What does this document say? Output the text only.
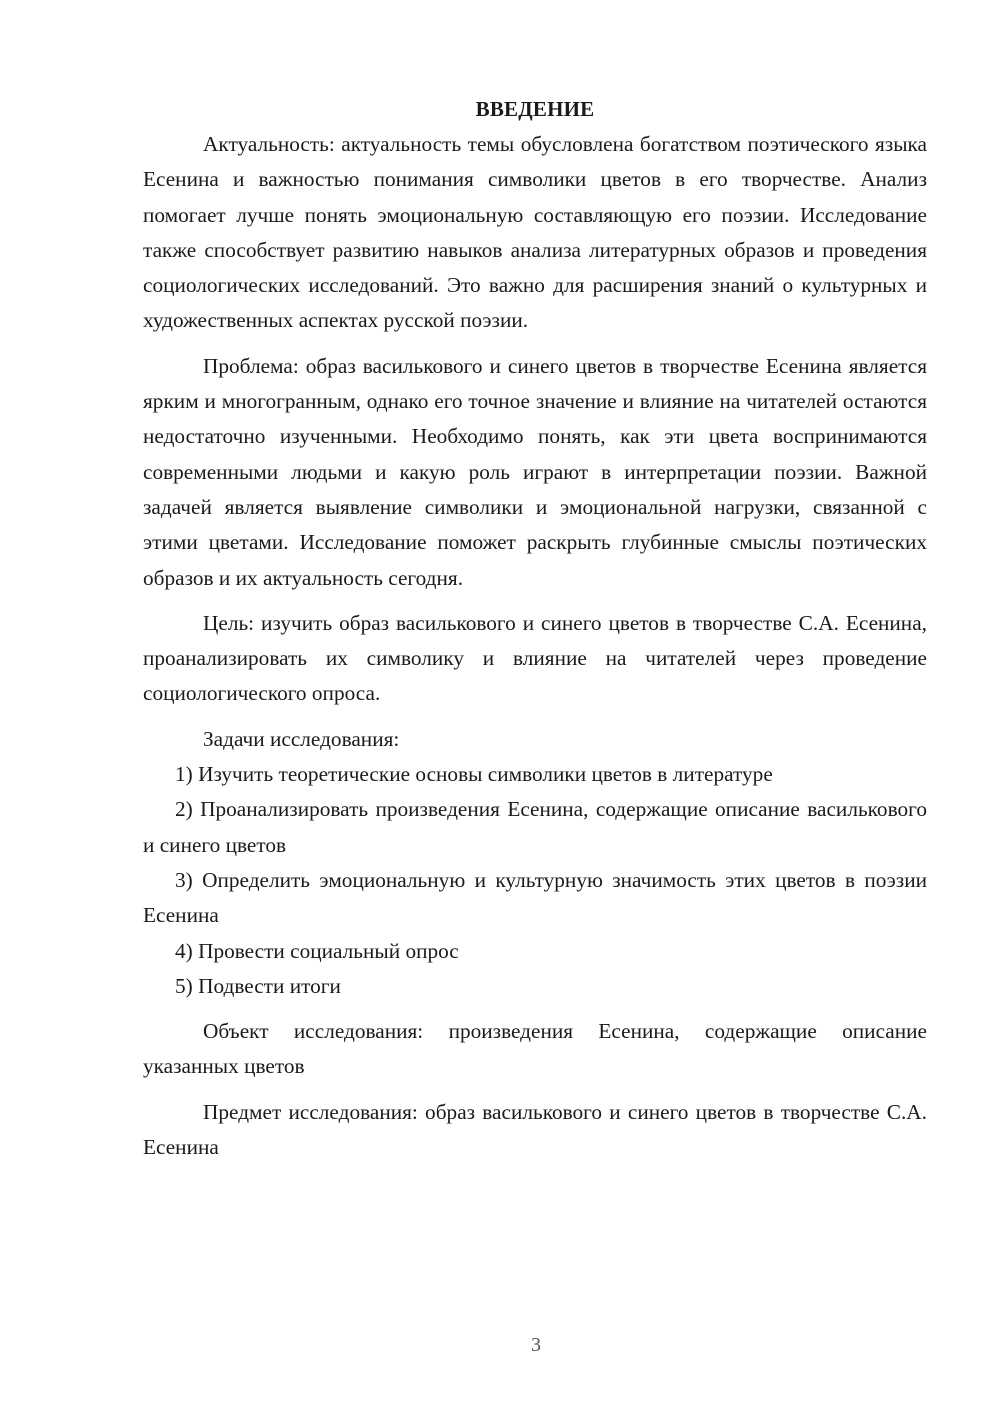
ВВЕДЕНИЕ

Актуальность: актуальность темы обусловлена богатством поэтического языка Есенина и важностью понимания символики цветов в его творчестве. Анализ помогает лучше понять эмоциональную составляющую его поэзии. Исследование также способствует развитию навыков анализа литературных образов и проведения социологических исследований. Это важно для расширения знаний о культурных и художественных аспектах русской поэзии.

Проблема: образ василькового и синего цветов в творчестве Есенина является ярким и многогранным, однако его точное значение и влияние на читателей остаются недостаточно изученными. Необходимо понять, как эти цвета воспринимаются современными людьми и какую роль играют в интерпретации поэзии. Важной задачей является выявление символики и эмоциональной нагрузки, связанной с этими цветами. Исследование поможет раскрыть глубинные смыслы поэтических образов и их актуальность сегодня.

Цель: изучить образ василькового и синего цветов в творчестве С.А. Есенина, проанализировать их символику и влияние на читателей через проведение социологического опроса.

Задачи исследования:

1) Изучить теоретические основы символики цветов в литературе

2) Проанализировать произведения Есенина, содержащие описание василькового и синего цветов

3) Определить эмоциональную и культурную значимость этих цветов в поэзии Есенина

4) Провести социальный опрос

5) Подвести итоги

Объект исследования: произведения Есенина, содержащие описание указанных цветов

Предмет исследования: образ василькового и синего цветов в творчестве С.А. Есенина

3
